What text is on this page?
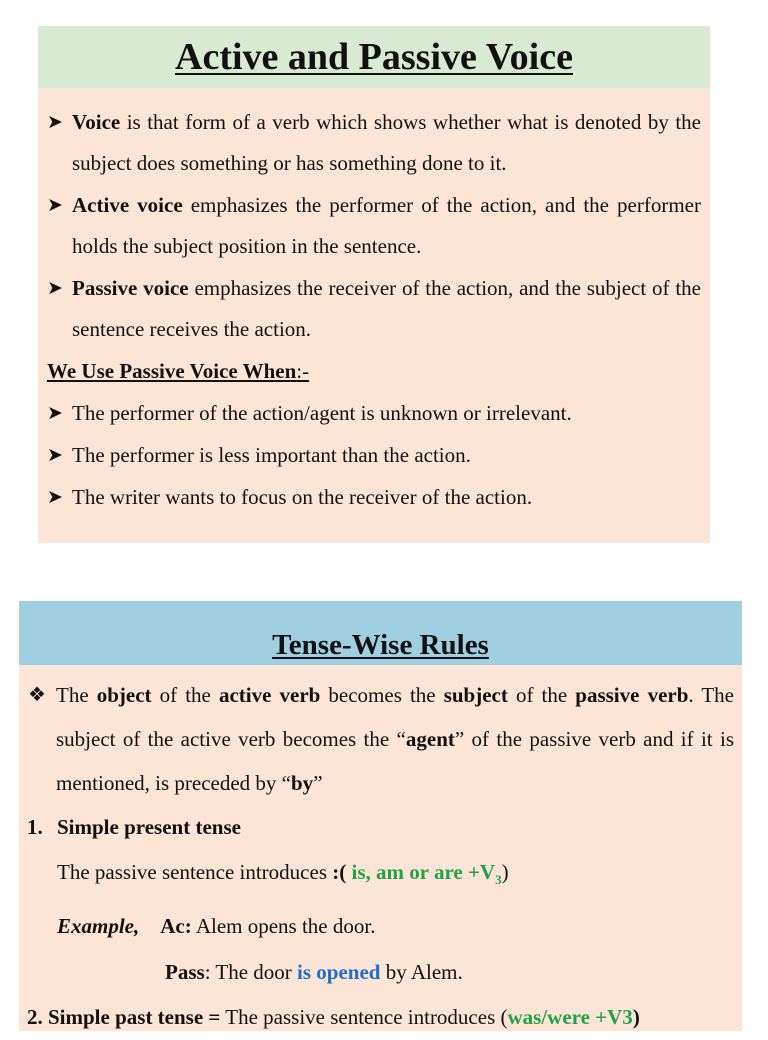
Active and Passive Voice
➤ Voice is that form of a verb which shows whether what is denoted by the subject does something or has something done to it.
➤ Active voice emphasizes the performer of the action, and the performer holds the subject position in the sentence.
➤ Passive voice emphasizes the receiver of the action, and the subject of the sentence receives the action.
We Use Passive Voice When:-
➤ The performer of the action/agent is unknown or irrelevant.
➤ The performer is less important than the action.
➤ The writer wants to focus on the receiver of the action.
Tense-Wise Rules
❖ The object of the active verb becomes the subject of the passive verb. The subject of the active verb becomes the “agent” of the passive verb and if it is mentioned, is preceded by “by”
1. Simple present tense
The passive sentence introduces :( is, am or are $+V_3$)
Example, Ac: Alem opens the door.
Pass: The door is opened by Alem.
2. Simple past tense = The passive sentence introduces (was/were +V3)
